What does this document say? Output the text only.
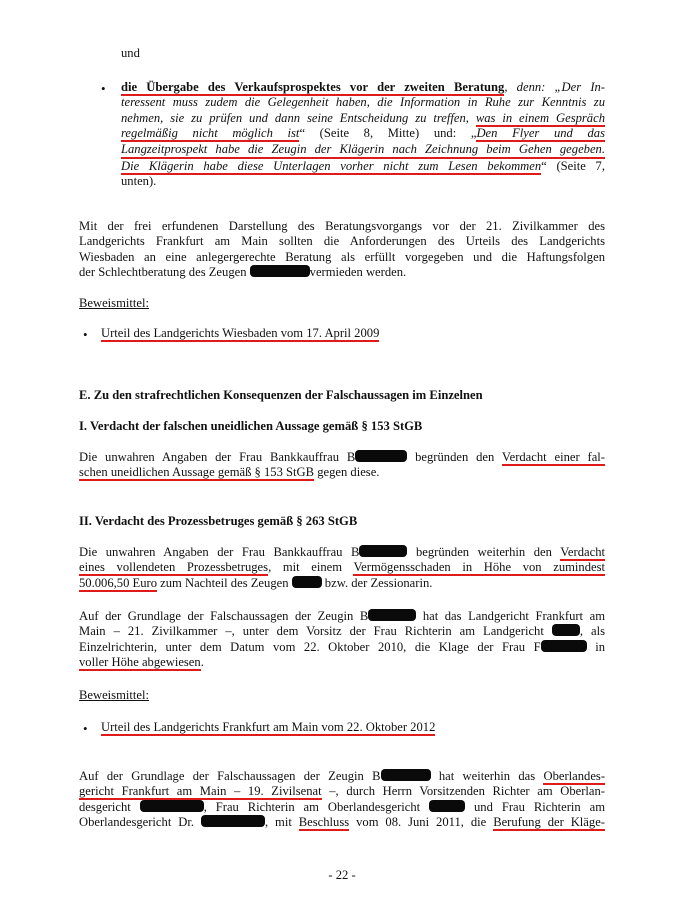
und

• die Übergabe des Verkaufsprospektes vor der zweiten Beratung, denn: „Der In-
teressent muss zudem die Gelegenheit haben, die Information in Ruhe zur Kenntnis zu
nehmen, sie zu prüfen und dann seine Entscheidung zu treffen, was in einem Gespräch
regelmäßig nicht möglich ist“ (Seite 8, Mitte) und: „Den Flyer und das
Langzeitprospekt habe die Zeugin der Klägerin nach Zeichnung beim Gehen gegeben.
Die Klägerin habe diese Unterlagen vorher nicht zum Lesen bekommen“ (Seite 7,
unten).
Mit der frei erfundenen Darstellung des Beratungsvorgangs vor der 21. Zivilkammer des
Landgerichts Frankfurt am Main sollten die Anforderungen des Urteils des Landgerichts
Wiesbaden an eine anlegergerechte Beratung als erfüllt vorgegeben und die Haftungsfolgen
der Schlechtberatung des Zeugen	vermieden werden.

Beweismittel:

• Urteil des Landgerichts Wiesbaden vom 17. April 2009

E. Zu den strafrechtlichen Konsequenzen der Falschaussagen im Einzelnen

I. Verdacht der falschen uneidlichen Aussage gemäß § 153 StGB

Die unwahren Angaben der Frau Bankkauffrau B	begründen den Verdacht einer fal-
schen uneidlichen Aussage gemäß § 153 StGB gegen diese.

II. Verdacht des Prozessbetruges gemäß § 263 StGB

Die unwahren Angaben der Frau Bankkauffrau B	begründen weiterhin den Verdacht
eines vollendeten Prozessbetruges, mit einem Vermögensschaden in Höhe von zumindest
50.006,50 Euro zum Nachteil des Zeugen  bzw. der Zessionarin.
Auf der Grundlage der Falschaussagen der Zeugin B	hat das Landgericht Frankfurt am
Main – 21. Zivilkammer –, unter dem Vorsitz der Frau Richterin am Landgericht , als
Einzelrichterin, unter dem Datum vom 22. Oktober 2010, die Klage der Frau F	in
voller Höhe abgewiesen.

Beweismittel:

• Urteil des Landgerichts Frankfurt am Main vom 22. Oktober 2012

Auf der Grundlage der Falschaussagen der Zeugin B	hat weiterhin das Oberlandes-
gericht Frankfurt am Main – 19. Zivilsenat –, durch Herrn Vorsitzenden Richter am Oberlan-
desgericht	, Frau Richterin am Oberlandesgericht	und Frau Richterin am
Oberlandesgericht Dr.	, mit Beschluss vom 08. Juni 2011, die Berufung der Kläge-
- 22 -
